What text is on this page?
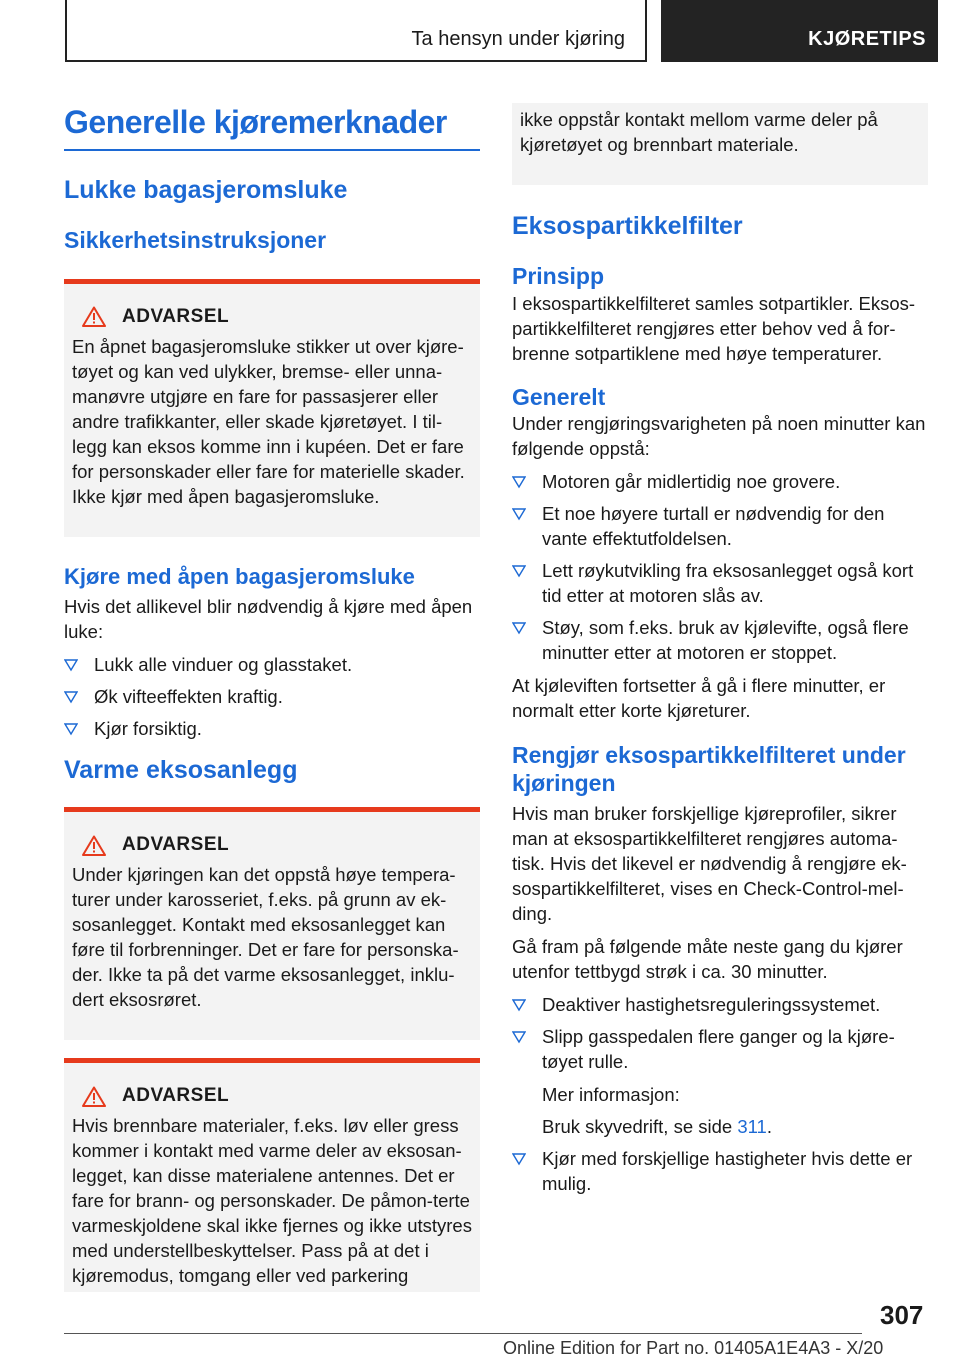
Ta hensyn under kjøring	KJØRETIPS
Generelle kjøremerknader
Lukke bagasjeromsluke
Sikkerhetsinstruksjoner
ADVARSEL

En åpnet bagasjeromsluke stikker ut over kjøre-tøyet og kan ved ulykker, bremse- eller unna-manøvre utgjøre en fare for passasjerer eller andre trafikkanter, eller skade kjøretøyet. I til-legg kan eksos komme inn i kupéen. Det er fare for personskader eller fare for materielle skader. Ikke kjør med åpen bagasjeromsluke.

Kjøre med åpen bagasjeromsluke

Hvis det allikevel blir nødvendig å kjøre med åpen luke:

Lukk alle vinduer og glasstaket.
Øk vifteeffekten kraftig.
Kjør forsiktig.
Varme eksosanlegg
ADVARSEL

Under kjøringen kan det oppstå høye tempera-turer under karosseriet, f.eks. på grunn av ek-sosanlegget. Kontakt med eksosanlegget kan føre til forbrenninger. Det er fare for personska-der. Ikke ta på det varme eksosanlegget, inklu-dert eksosrøret.

ADVARSEL

Hvis brennbare materialer, f.eks. løv eller gress kommer i kontakt med varme deler av eksosan-legget, kan disse materialene antennes. Det er fare for brann- og personskader. De påmon-terte varmeskjoldene skal ikke fjernes og ikke utstyres med understellbeskyttelser. Pass på at det i kjøremodus, tomgang eller ved parkering

ikke oppstår kontakt mellom varme deler på kjøretøyet og brennbart materiale.

Eksospartikkelfilter
Prinsipp

I eksospartikkelfilteret samles sotpartikler. Eksos-partikkelfilteret rengjøres etter behov ved å for-brenne sotpartiklene med høye temperaturer.

Generelt

Under rengjøringsvarigheten på noen minutter kan følgende oppstå:

Motoren går midlertidig noe grovere.
Et noe høyere turtall er nødvendig for den vante effektutfoldelsen.
Lett røykutvikling fra eksosanlegget også kort tid etter at motoren slås av.
Støy, som f.eks. bruk av kjølevifte, også flere minutter etter at motoren er stoppet.

At kjøleviften fortsetter å gå i flere minutter, er normalt etter korte kjøreturer.

Rengjør eksospartikkelfilteret under kjøringen

Hvis man bruker forskjellige kjøreprofiler, sikrer man at eksospartikkelfilteret rengjøres automa-tisk. Hvis det likevel er nødvendig å rengjøre ek-sospartikkelfilteret, vises en Check-Control-mel-ding.

Gå fram på følgende måte neste gang du kjører utenfor tettbygd strøk i ca. 30 minutter.

Deaktiver hastighetsreguleringssystemet.
Slipp gasspedalen flere ganger og la kjøre-tøyet rulle.
Mer informasjon:
Bruk skyvedrift, se side 311.
Kjør med forskjellige hastigheter hvis dette er mulig.
307
Online Edition for Part no. 01405A1E4A3 - X/20
